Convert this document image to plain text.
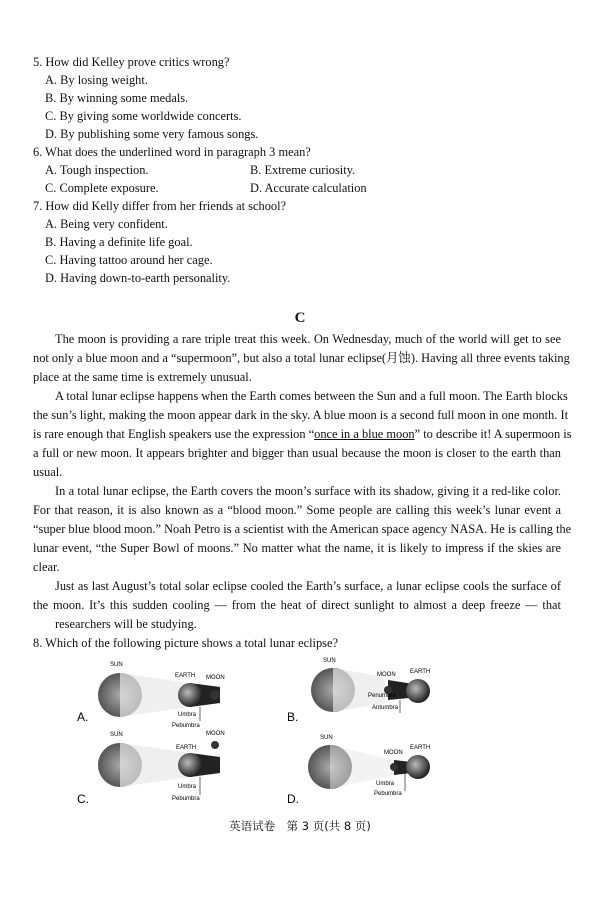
5. How did Kelley prove critics wrong?
A. By losing weight.
B. By winning some medals.
C. By giving some worldwide concerts.
D. By publishing some very famous songs.
6. What does the underlined word in paragraph 3 mean?
A. Tough inspection.	B. Extreme curiosity.
C. Complete exposure.	D. Accurate calculation
7. How did Kelly differ from her friends at school?
A. Being very confident.
B. Having a definite life goal.
C. Having tattoo around her cage.
D. Having down-to-earth personality.
C
The moon is providing a rare triple treat this week. On Wednesday, much of the world will get to see
not only a blue moon and a “supermoon”, but also a total lunar eclipse(月蚀). Having all three events taking
place at the same time is extremely unusual.
A total lunar eclipse happens when the Earth comes between the Sun and a full moon. The Earth blocks
the sun’s light, making the moon appear dark in the sky. A blue moon is a second full moon in one month. It
is rare enough that English speakers use the expression “once in a blue moon” to describe it! A supermoon is
a full or new moon. It appears brighter and bigger than usual because the moon is closer to the earth than
usual.
In a total lunar eclipse, the Earth covers the moon’s surface with its shadow, giving it a red-like color.
For that reason, it is also known as a “blood moon.” Some people are calling this week’s lunar event a
“super blue blood moon.” Noah Petro is a scientist with the American space agency NASA. He is calling the
lunar event, “the Super Bowl of moons.” No matter what the name, it is likely to impress if the skies are
clear.
Just as last August’s total solar eclipse cooled the Earth’s surface, a lunar eclipse cools the surface of
the moon. It’s this sudden cooling — from the heat of direct sunlight to almost a deep freeze — that
researchers will be studying.
8. Which of the following picture shows a total lunar eclipse?
SUN
EARTH MOON
Umbra
Pebumbra
A.
SUN
MOON EARTH
Penumbra
Antumbra
B.
SUN
EARTH
MOON
Umbra
Pebumbra
C.
SUN
MOON
EARTH
Umbra
Pebumbra
D.
英语试卷　第 3 页(共 8 页)
